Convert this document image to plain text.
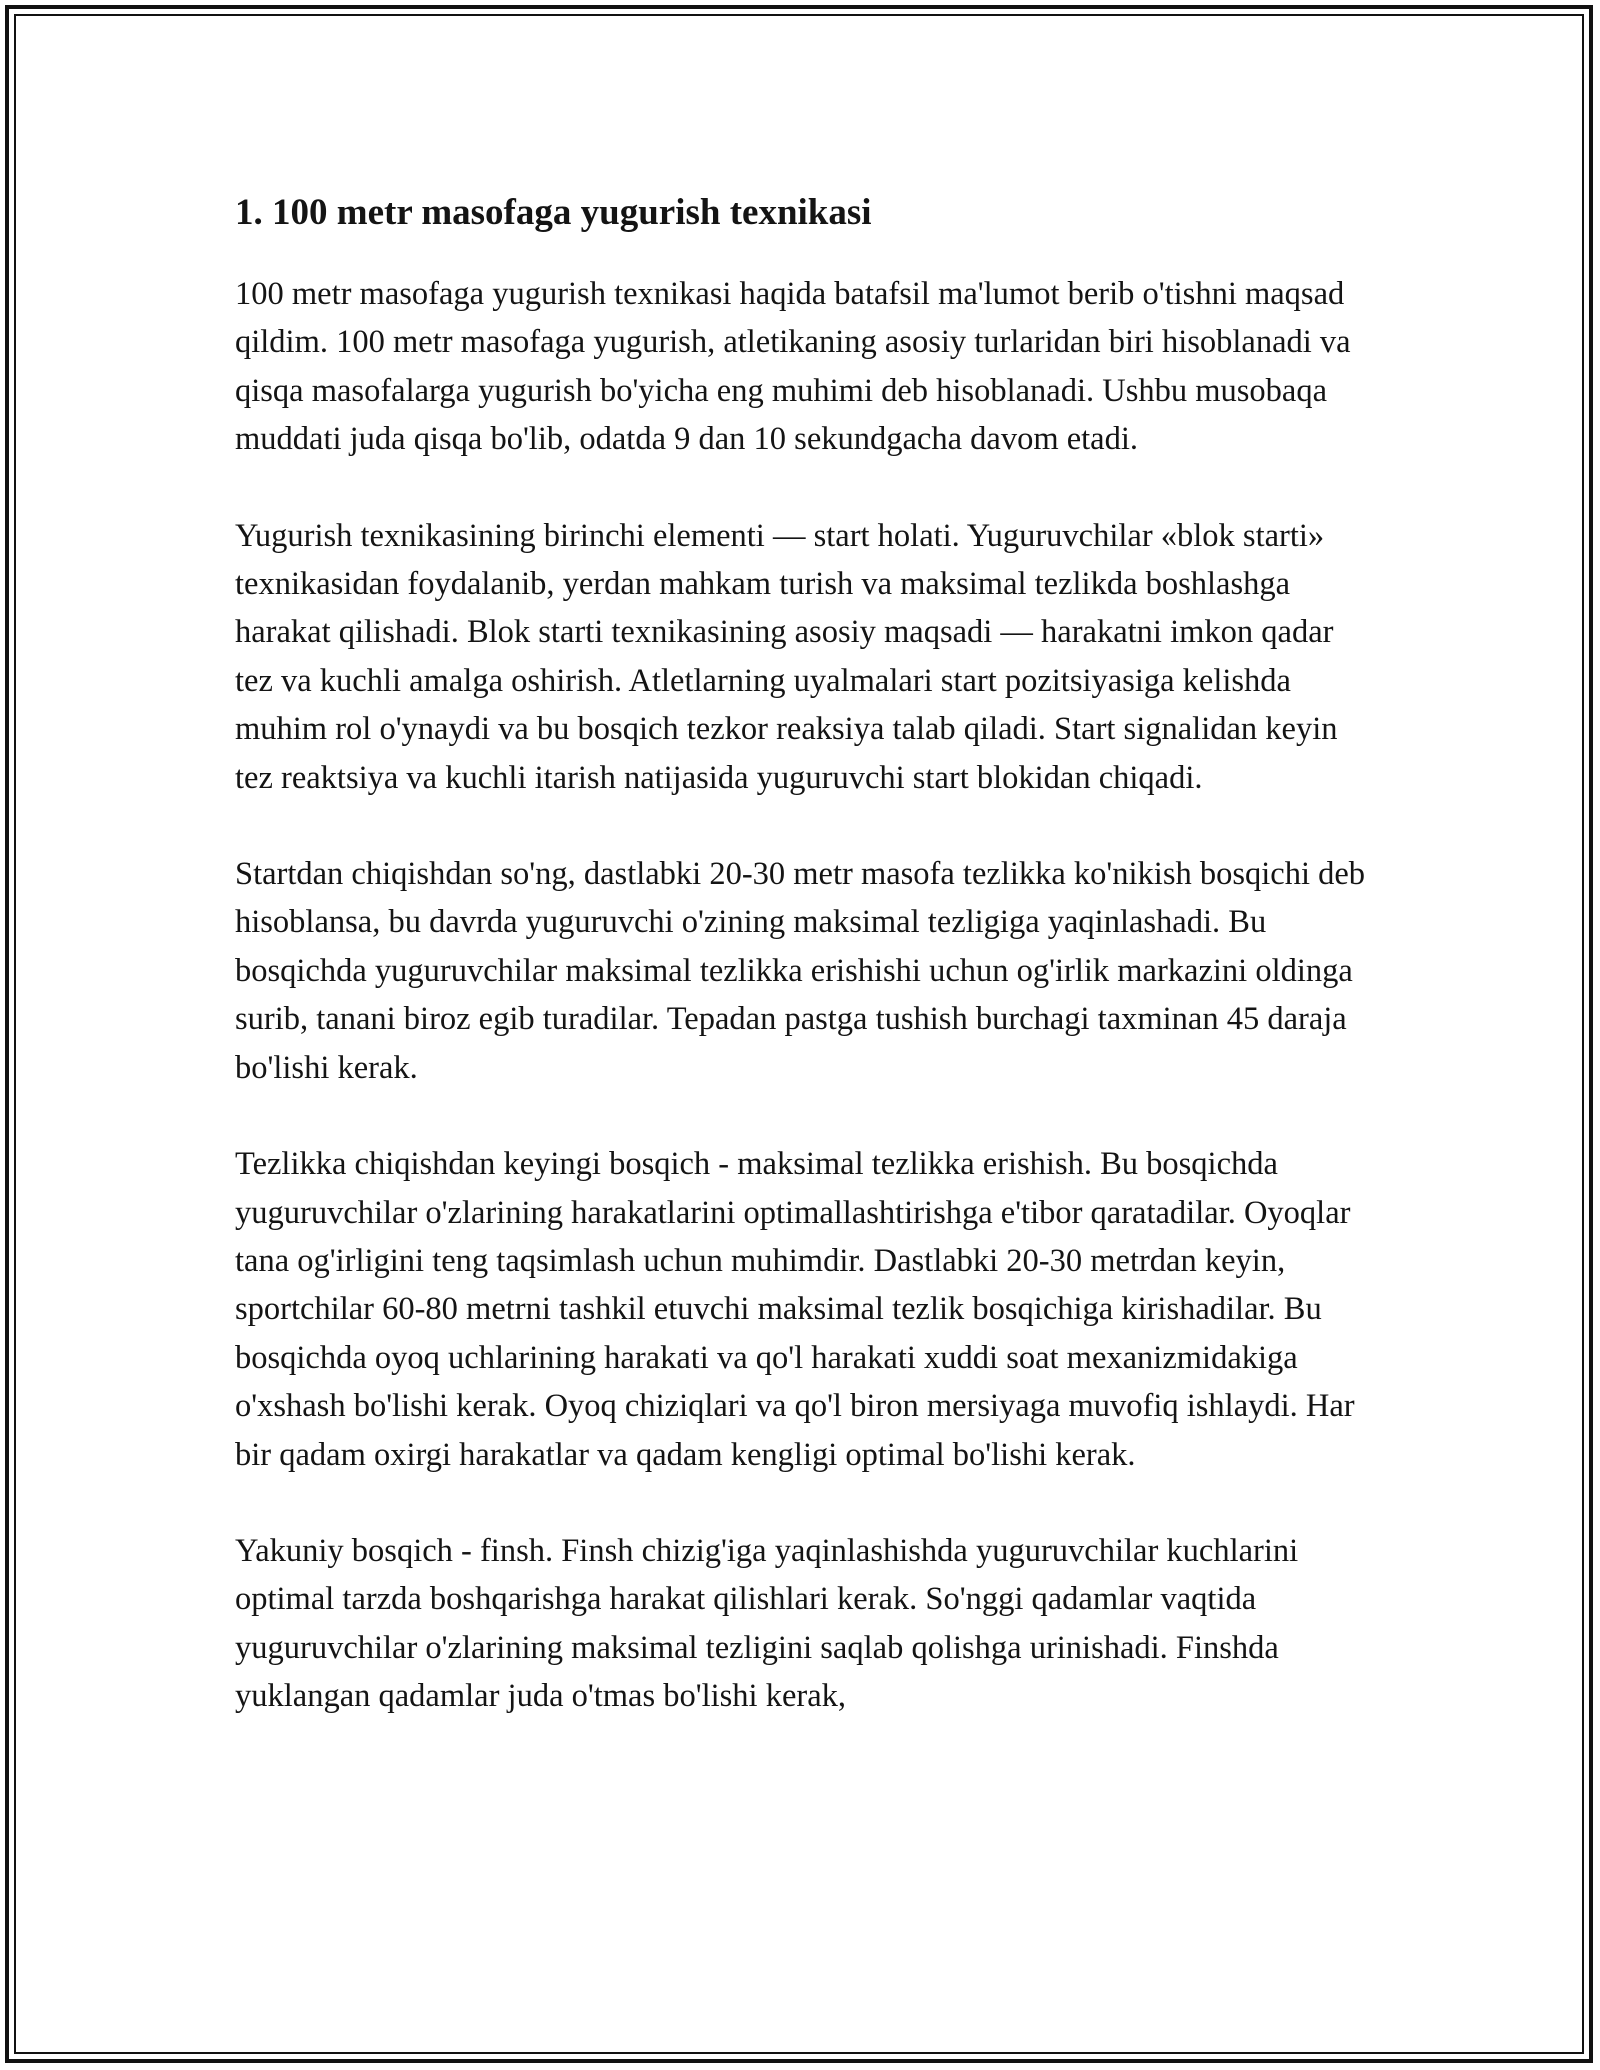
1. 100 metr masofaga yugurish texnikasi

100 metr masofaga yugurish texnikasi haqida batafsil ma'lumot berib o'tishni maqsad qildim. 100 metr masofaga yugurish, atletikaning asosiy turlaridan biri hisoblanadi va qisqa masofalarga yugurish bo'yicha eng muhimi deb hisoblanadi. Ushbu musobaqa muddati juda qisqa bo'lib, odatda 9 dan 10 sekundgacha davom etadi.

Yugurish texnikasining birinchi elementi — start holati. Yuguruvchilar «blok starti» texnikasidan foydalanib, yerdan mahkam turish va maksimal tezlikda boshlashga harakat qilishadi. Blok starti texnikasining asosiy maqsadi — harakatni imkon qadar tez va kuchli amalga oshirish. Atletlarning uyalmalari start pozitsiyasiga kelishda muhim rol o'ynaydi va bu bosqich tezkor reaksiya talab qiladi. Start signalidan keyin tez reaktsiya va kuchli itarish natijasida yuguruvchi start blokidan chiqadi.

Startdan chiqishdan so'ng, dastlabki 20-30 metr masofa tezlikka ko'nikish bosqichi deb hisoblansa, bu davrda yuguruvchi o'zining maksimal tezligiga yaqinlashadi. Bu bosqichda yuguruvchilar maksimal tezlikka erishishi uchun og'irlik markazini oldinga surib, tanani biroz egib turadilar. Tepadan pastga tushish burchagi taxminan 45 daraja bo'lishi kerak.

Tezlikka chiqishdan keyingi bosqich - maksimal tezlikka erishish. Bu bosqichda yuguruvchilar o'zlarining harakatlarini optimallashtirishga e'tibor qaratadilar. Oyoqlar tana og'irligini teng taqsimlash uchun muhimdir. Dastlabki 20-30 metrdan keyin, sportchilar 60-80 metrni tashkil etuvchi maksimal tezlik bosqichiga kirishadilar. Bu bosqichda oyoq uchlarining harakati va qo'l harakati xuddi soat mexanizmidakiga o'xshash bo'lishi kerak. Oyoq chiziqlari va qo'l biron mersiyaga muvofiq ishlaydi. Har bir qadam oxirgi harakatlar va qadam kengligi optimal bo'lishi kerak.

Yakuniy bosqich - finsh. Finsh chizig'iga yaqinlashishda yuguruvchilar kuchlarini optimal tarzda boshqarishga harakat qilishlari kerak. So'nggi qadamlar vaqtida yuguruvchilar o'zlarining maksimal tezligini saqlab qolishga urinishadi. Finshda yuklangan qadamlar juda o'tmas bo'lishi kerak,
